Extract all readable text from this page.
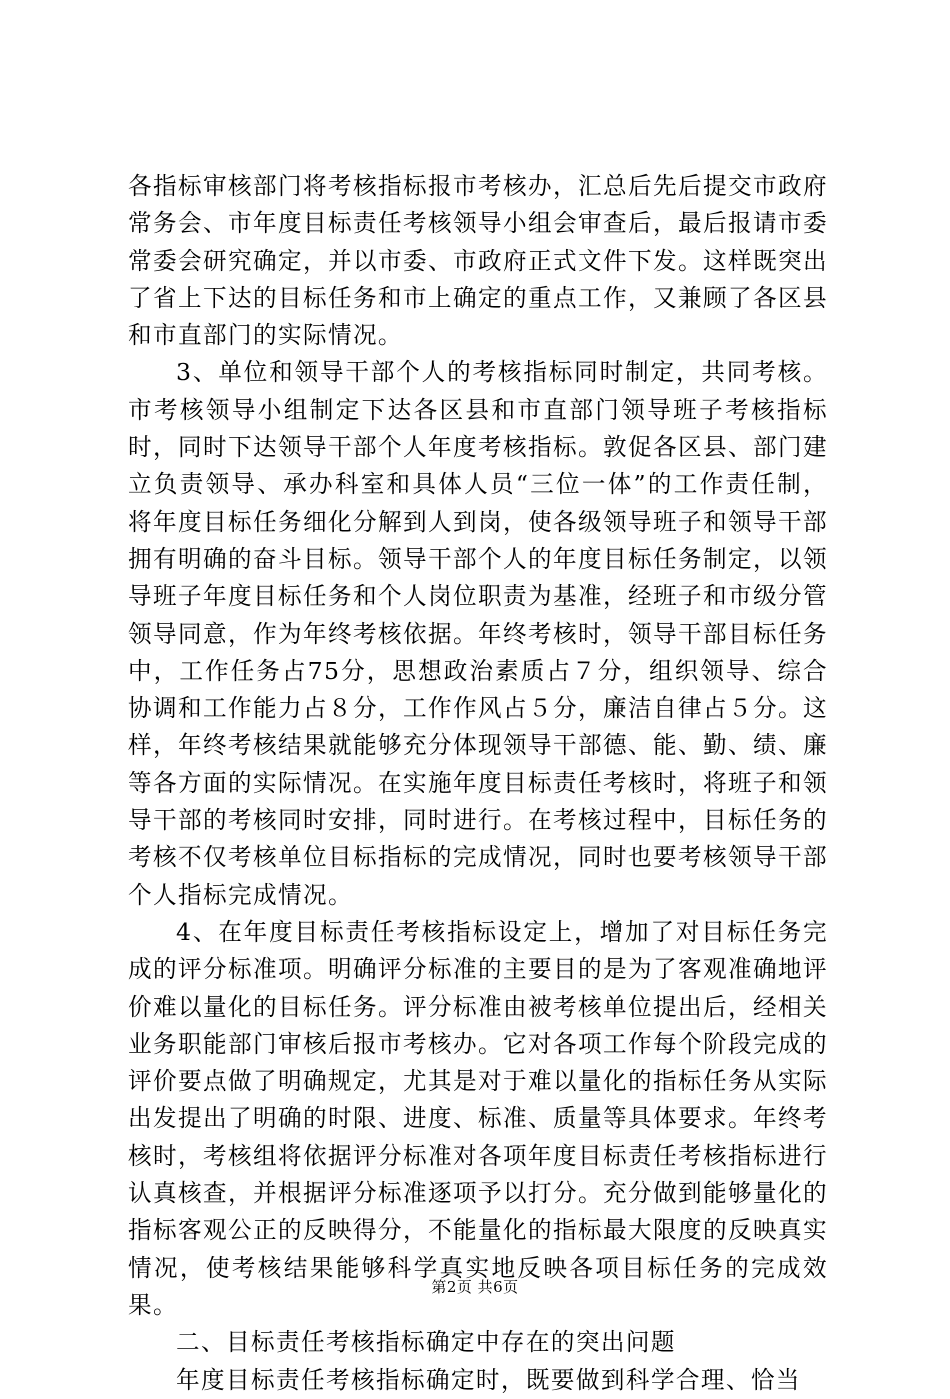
各指标审核部门将考核指标报市考核办，汇总后先后提交市政府常务会、市年度目标责任考核领导小组会审查后，最后报请市委常委会研究确定，并以市委、市政府正式文件下发。这样既突出了省上下达的目标任务和市上确定的重点工作，又兼顾了各区县和市直部门的实际情况。

3、单位和领导干部个人的考核指标同时制定，共同考核。市考核领导小组制定下达各区县和市直部门领导班子考核指标时，同时下达领导干部个人年度考核指标。敦促各区县、部门建立负责领导、承办科室和具体人员“三位一体”的工作责任制，将年度目标任务细化分解到人到岗，使各级领导班子和领导干部拥有明确的奋斗目标。领导干部个人的年度目标任务制定，以领导班子年度目标任务和个人岗位职责为基准，经班子和市级分管领导同意，作为年终考核依据。年终考核时，领导干部目标任务中，工作任务占75分，思想政治素质占７分，组织领导、综合协调和工作能力占８分，工作作风占５分，廉洁自律占５分。这样，年终考核结果就能够充分体现领导干部德、能、勤、绩、廉等各方面的实际情况。在实施年度目标责任考核时，将班子和领导干部的考核同时安排，同时进行。在考核过程中，目标任务的考核不仅考核单位目标指标的完成情况，同时也要考核领导干部个人指标完成情况。

4、在年度目标责任考核指标设定上，增加了对目标任务完成的评分标准项。明确评分标准的主要目的是为了客观准确地评价难以量化的目标任务。评分标准由被考核单位提出后，经相关业务职能部门审核后报市考核办。它对各项工作每个阶段完成的评价要点做了明确规定，尤其是对于难以量化的指标任务从实际出发提出了明确的时限、进度、标准、质量等具体要求。年终考核时，考核组将依据评分标准对各项年度目标责任考核指标进行认真核查，并根据评分标准逐项予以打分。充分做到能够量化的指标客观公正的反映得分，不能量化的指标最大限度的反映真实情况，使考核结果能够科学真实地反映各项目标任务的完成效果。

二、目标责任考核指标确定中存在的突出问题

年度目标责任考核指标确定时，既要做到科学合理、恰当

第2页 共6页
